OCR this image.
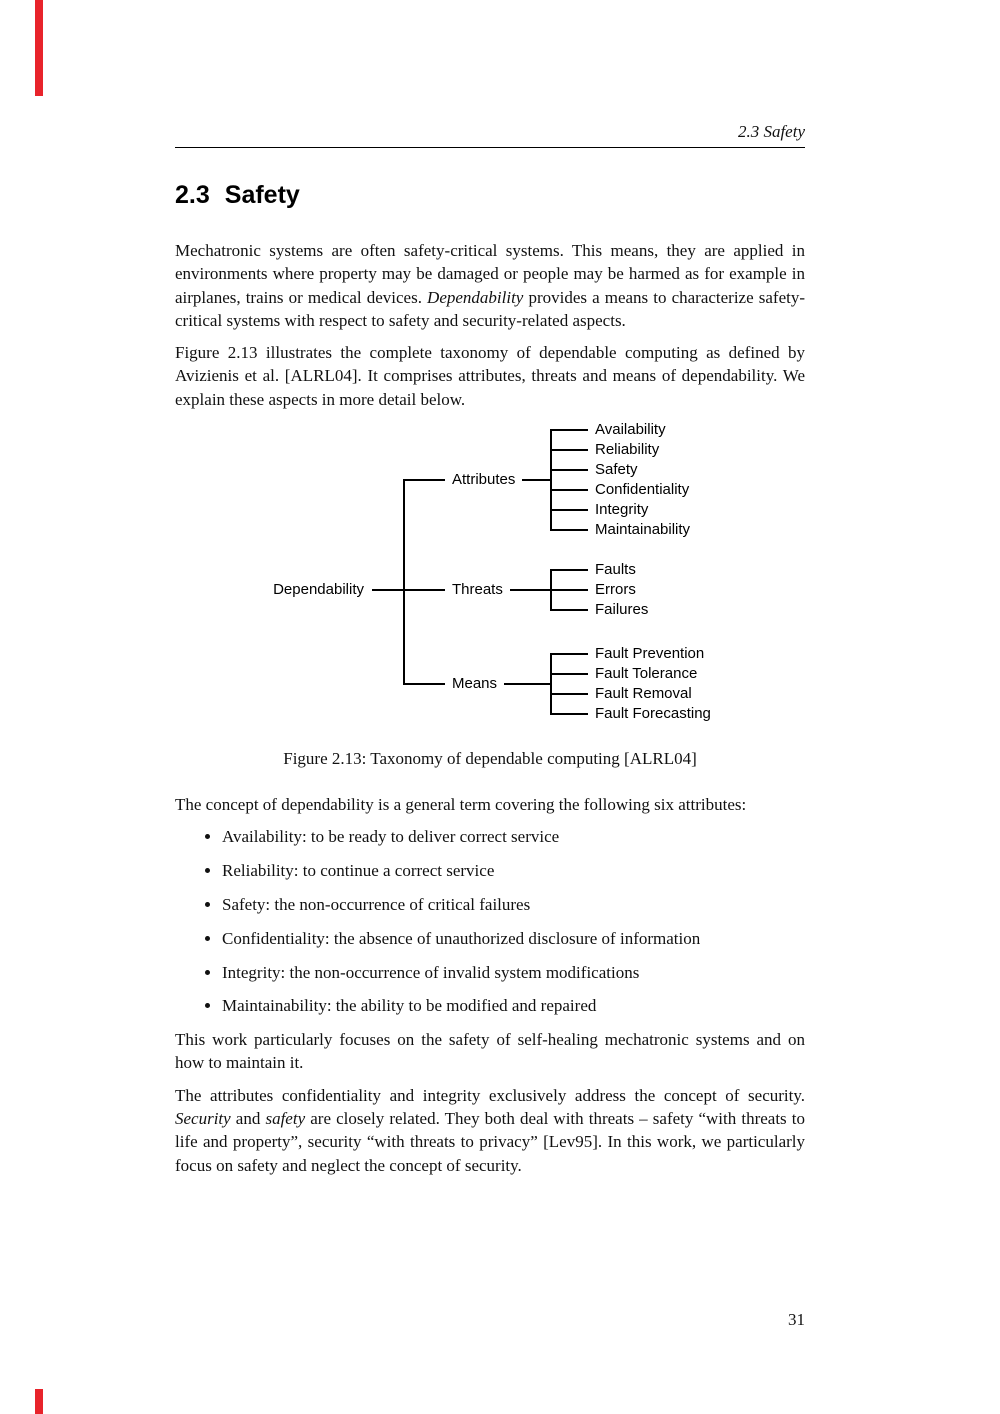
2.3 Safety
2.3 Safety

Mechatronic systems are often safety-critical systems. This means, they are applied in environments where property may be damaged or people may be harmed as for example in airplanes, trains or medical devices. Dependability provides a means to characterize safety-critical systems with respect to safety and security-related aspects.

Figure 2.13 illustrates the complete taxonomy of dependable computing as defined by Avizienis et al. [ALRL04]. It comprises attributes, threats and means of dependability. We explain these aspects in more detail below.

Dependability
Attributes
Threats
Means
Availability
Reliability
Safety
Confidentiality
Integrity
Maintainability
Faults
Errors
Failures
Fault Prevention
Fault Tolerance
Fault Removal
Fault Forecasting
Figure 2.13: Taxonomy of dependable computing [ALRL04]

The concept of dependability is a general term covering the following six attributes:

• Availability: to be ready to deliver correct service
• Reliability: to continue a correct service
• Safety: the non-occurrence of critical failures
• Confidentiality: the absence of unauthorized disclosure of information
• Integrity: the non-occurrence of invalid system modifications
• Maintainability: the ability to be modified and repaired

This work particularly focuses on the safety of self-healing mechatronic systems and on how to maintain it.

The attributes confidentiality and integrity exclusively address the concept of security. Security and safety are closely related. They both deal with threats – safety “with threats to life and property”, security “with threats to privacy” [Lev95]. In this work, we particularly focus on safety and neglect the concept of security.

31
